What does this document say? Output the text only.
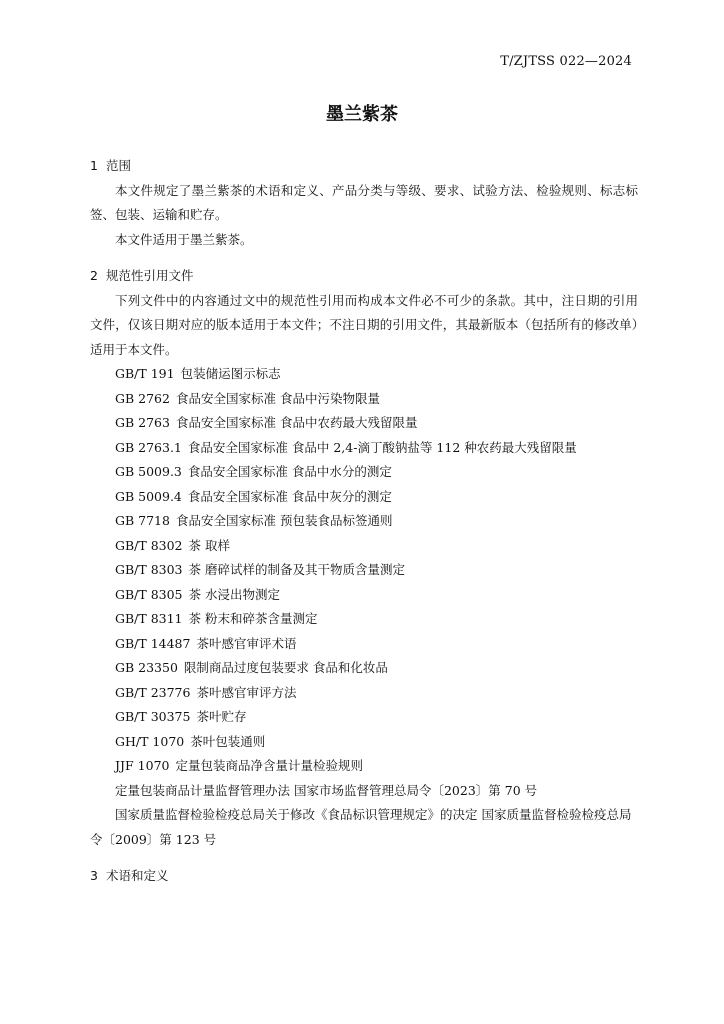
T/ZJTSS 022—2024
墨兰紫茶
1 范围

本文件规定了墨兰紫茶的术语和定义、产品分类与等级、要求、试验方法、检验规则、标志标签、包装、运输和贮存。

本文件适用于墨兰紫茶。

2 规范性引用文件

下列文件中的内容通过文中的规范性引用而构成本文件必不可少的条款。其中，注日期的引用文件，仅该日期对应的版本适用于本文件；不注日期的引用文件，其最新版本（包括所有的修改单）适用于本文件。

GB/T 191 包装储运图示标志
GB 2762 食品安全国家标准 食品中污染物限量
GB 2763 食品安全国家标准 食品中农药最大残留限量
GB 2763.1 食品安全国家标准 食品中 2,4-滴丁酸钠盐等 112 种农药最大残留限量
GB 5009.3 食品安全国家标准 食品中水分的测定
GB 5009.4 食品安全国家标准 食品中灰分的测定
GB 7718 食品安全国家标准 预包装食品标签通则
GB/T 8302 茶 取样
GB/T 8303 茶 磨碎试样的制备及其干物质含量测定
GB/T 8305 茶 水浸出物测定
GB/T 8311 茶 粉末和碎茶含量测定
GB/T 14487 茶叶感官审评术语
GB 23350 限制商品过度包装要求 食品和化妆品
GB/T 23776 茶叶感官审评方法
GB/T 30375 茶叶贮存
GH/T 1070 茶叶包装通则
JJF 1070 定量包装商品净含量计量检验规则
定量包装商品计量监督管理办法 国家市场监督管理总局令〔2023〕第 70 号
国家质量监督检验检疫总局关于修改《食品标识管理规定》的决定 国家质量监督检验检疫总局令〔2009〕第 123 号
3 术语和定义
